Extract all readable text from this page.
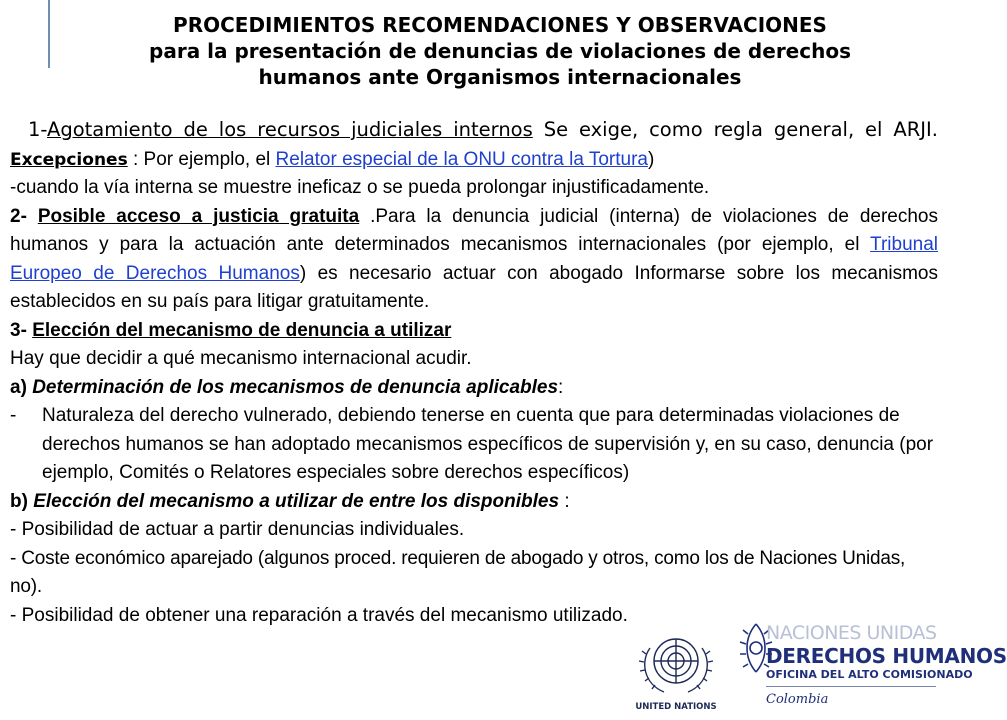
PROCEDIMIENTOS RECOMENDACIONES Y OBSERVACIONES
para la presentación de denuncias de violaciones de derechos
humanos ante Organismos internacionales
UNITED NATIONS
NACIONES UNIDAS
DERECHOS HUMANOS
OFICINA DEL ALTO COMISIONADO
Colombia

1-Agotamiento de los recursos judiciales internos Se exige, como regla general, el ARJI. Excepciones : Por ejemplo, el Relator especial de la ONU contra la Tortura)

-cuando la vía interna se muestre ineficaz o se pueda prolongar injustificadamente.

2- Posible acceso a justicia gratuita .Para la denuncia judicial (interna) de violaciones de derechos humanos y para la actuación ante determinados mecanismos internacionales (por ejemplo, el Tribunal Europeo de Derechos Humanos) es necesario actuar con abogado Informarse sobre los mecanismos establecidos en su país para litigar gratuitamente.

3- Elección del mecanismo de denuncia a utilizar

Hay que decidir a qué mecanismo internacional acudir.

a) Determinación de los mecanismos de denuncia aplicables:

- Naturaleza del derecho vulnerado, debiendo tenerse en cuenta que para determinadas violaciones de derechos humanos se han adoptado mecanismos específicos de supervisión y, en su caso, denuncia (por ejemplo, Comités o Relatores especiales sobre derechos específicos)

b) Elección del mecanismo a utilizar de entre los disponibles :

- Posibilidad de actuar a partir denuncias individuales.

- Coste económico aparejado (algunos proced. requieren de abogado y otros, como los de Naciones Unidas, no).

- Posibilidad de obtener una reparación a través del mecanismo utilizado.
